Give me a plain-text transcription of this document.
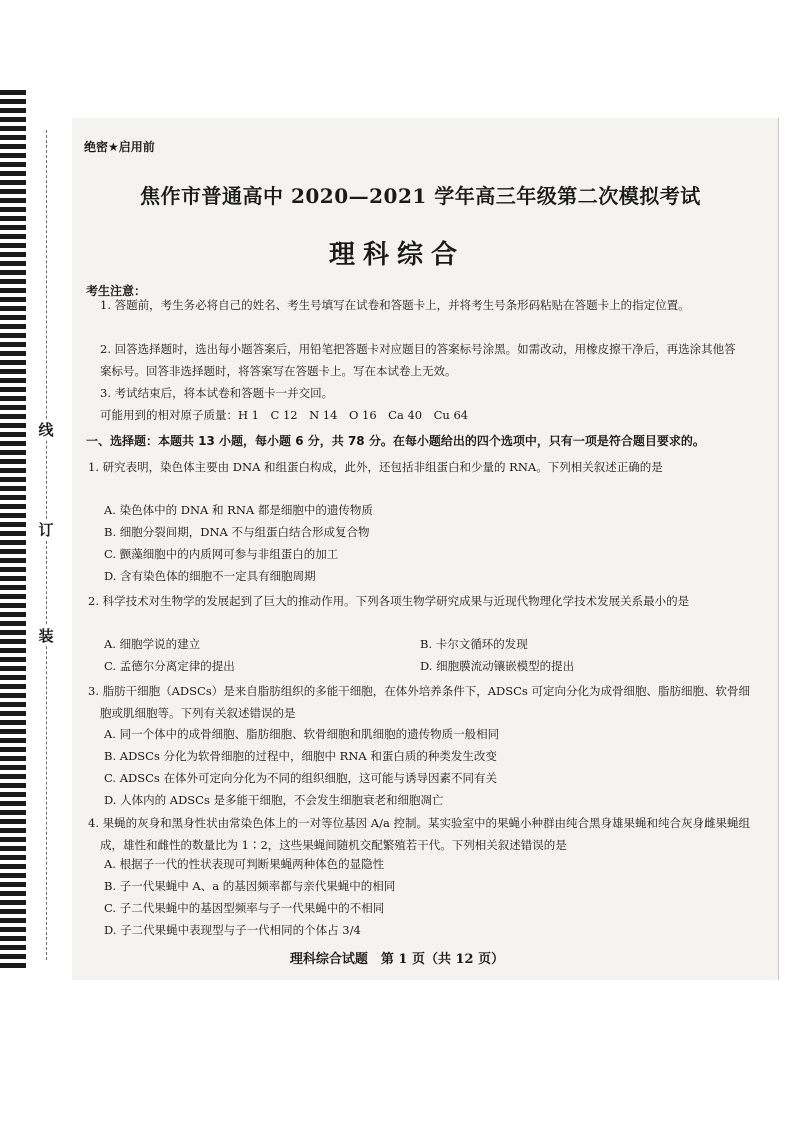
线
订
装
绝密★启用前
焦作市普通高中 2020—2021 学年高三年级第二次模拟考试
理科综合
考生注意：
1. 答题前，考生务必将自己的姓名、考生号填写在试卷和答题卡上，并将考生号条形码粘贴在答题卡上的指定位置。
2. 回答选择题时，选出每小题答案后，用铅笔把答题卡对应题目的答案标号涂黑。如需改动，用橡皮擦干净后，再选涂其他答案标号。回答非选择题时，将答案写在答题卡上。写在本试卷上无效。
3. 考试结束后，将本试卷和答题卡一并交回。
可能用到的相对原子质量：H 1　C 12　N 14　O 16　Ca 40　Cu 64
一、选择题：本题共 13 小题，每小题 6 分，共 78 分。在每小题给出的四个选项中，只有一项是符合题目要求的。
1. 研究表明，染色体主要由 DNA 和组蛋白构成，此外，还包括非组蛋白和少量的 RNA。下列相关叙述正确的是
A. 染色体中的 DNA 和 RNA 都是细胞中的遗传物质
B. 细胞分裂间期，DNA 不与组蛋白结合形成复合物
C. 颤藻细胞中的内质网可参与非组蛋白的加工
D. 含有染色体的细胞不一定具有细胞周期
2. 科学技术对生物学的发展起到了巨大的推动作用。下列各项生物学研究成果与近现代物理化学技术发展关系最小的是
A. 细胞学说的建立	B. 卡尔文循环的发现
C. 孟德尔分离定律的提出	D. 细胞膜流动镶嵌模型的提出
3. 脂肪干细胞（ADSCs）是来自脂肪组织的多能干细胞，在体外培养条件下，ADSCs 可定向分化为成骨细胞、脂肪细胞、软骨细胞或肌细胞等。下列有关叙述错误的是
A. 同一个体中的成骨细胞、脂肪细胞、软骨细胞和肌细胞的遗传物质一般相同
B. ADSCs 分化为软骨细胞的过程中，细胞中 RNA 和蛋白质的种类发生改变
C. ADSCs 在体外可定向分化为不同的组织细胞，这可能与诱导因素不同有关
D. 人体内的 ADSCs 是多能干细胞，不会发生细胞衰老和细胞凋亡
4. 果蝇的灰身和黑身性状由常染色体上的一对等位基因 A/a 控制。某实验室中的果蝇小种群由纯合黑身雄果蝇和纯合灰身雌果蝇组成，雄性和雌性的数量比为 1∶2，这些果蝇间随机交配繁殖若干代。下列相关叙述错误的是
理科综合试题　第 1 页（共 12 页）
A. 根据子一代的性状表现可判断果蝇两种体色的显隐性
B. 子一代果蝇中 A、a 的基因频率都与亲代果蝇中的相同
C. 子二代果蝇中的基因型频率与子一代果蝇中的不相同
D. 子二代果蝇中表现型与子一代相同的个体占 3/4
